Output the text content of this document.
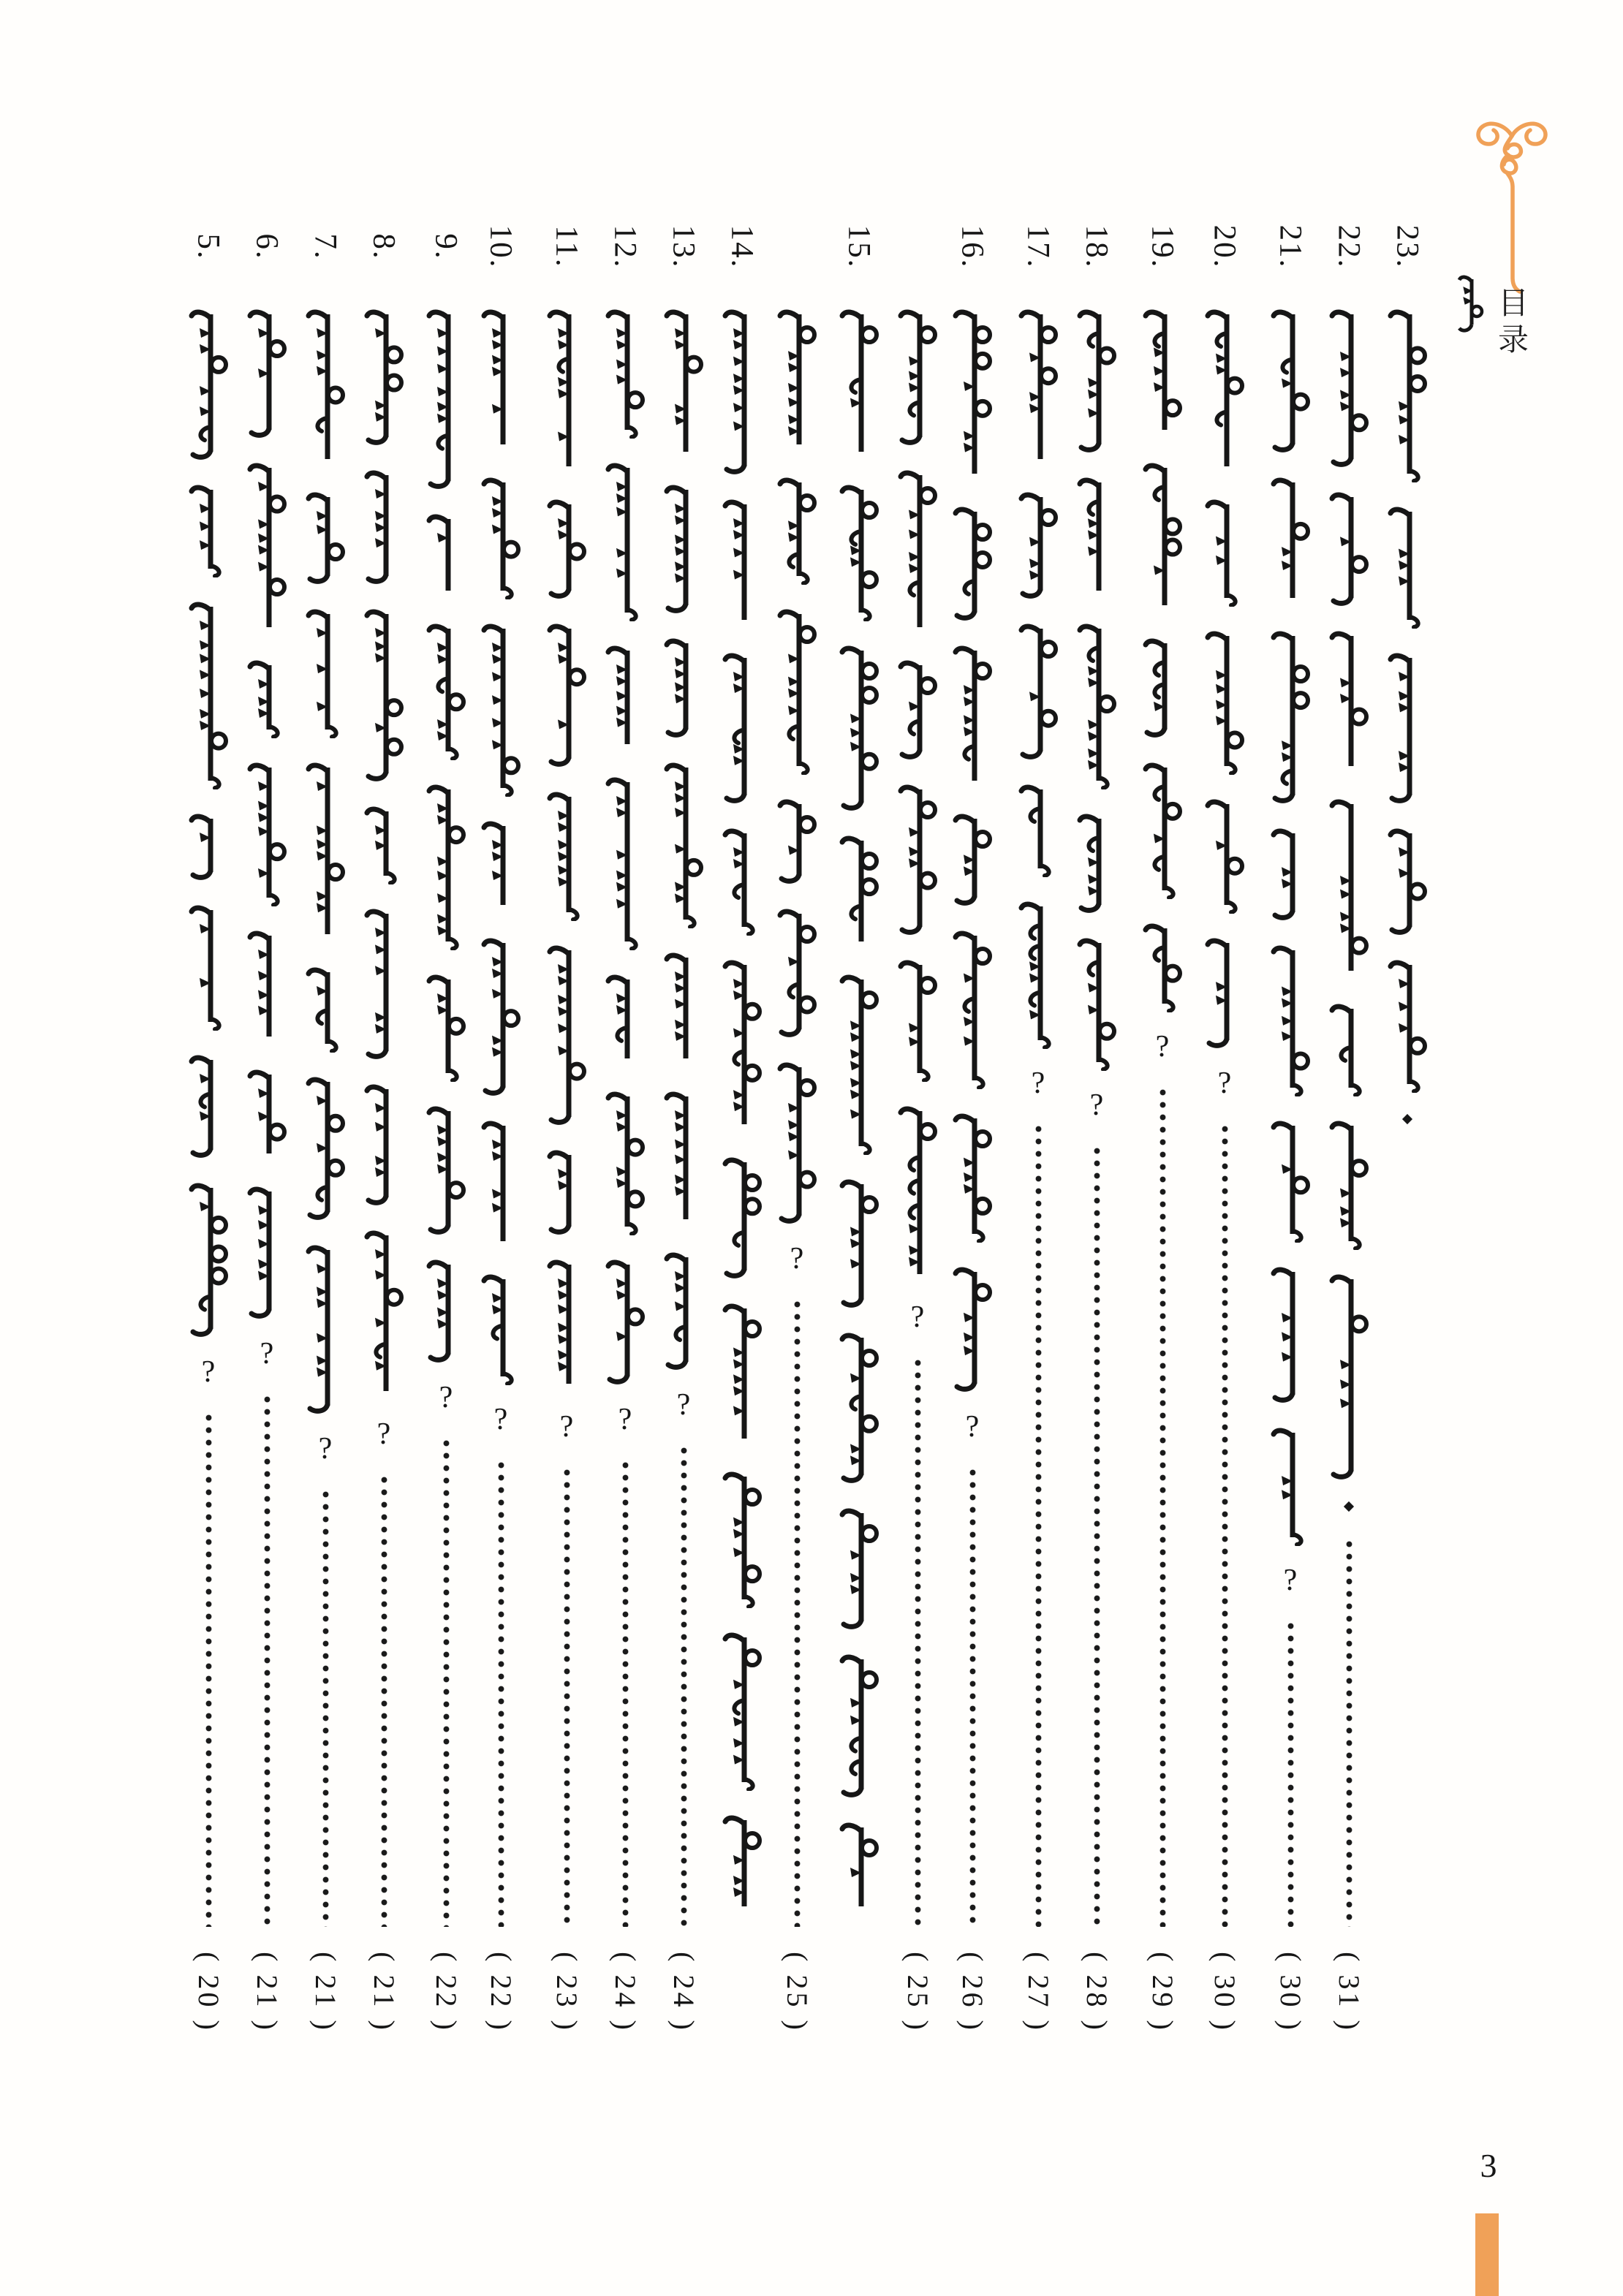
目录
5.
?
( 20 )
6.
?
( 21 )
7.
?
( 21 )
8.
?
( 21 )
9.
?
( 22 )
10.
?
( 22 )
11.
?
( 23 )
12.
?
( 24 )
13.
?
( 24 )
14.
?
( 25 )
15.
?
( 25 )
16.
?
( 26 )
17.
?
( 27 )
18.
?
( 28 )
19.
?
( 29 )
20.
?
( 30 )
21.
?
( 30 )
22.
( 31 )
23.
3
